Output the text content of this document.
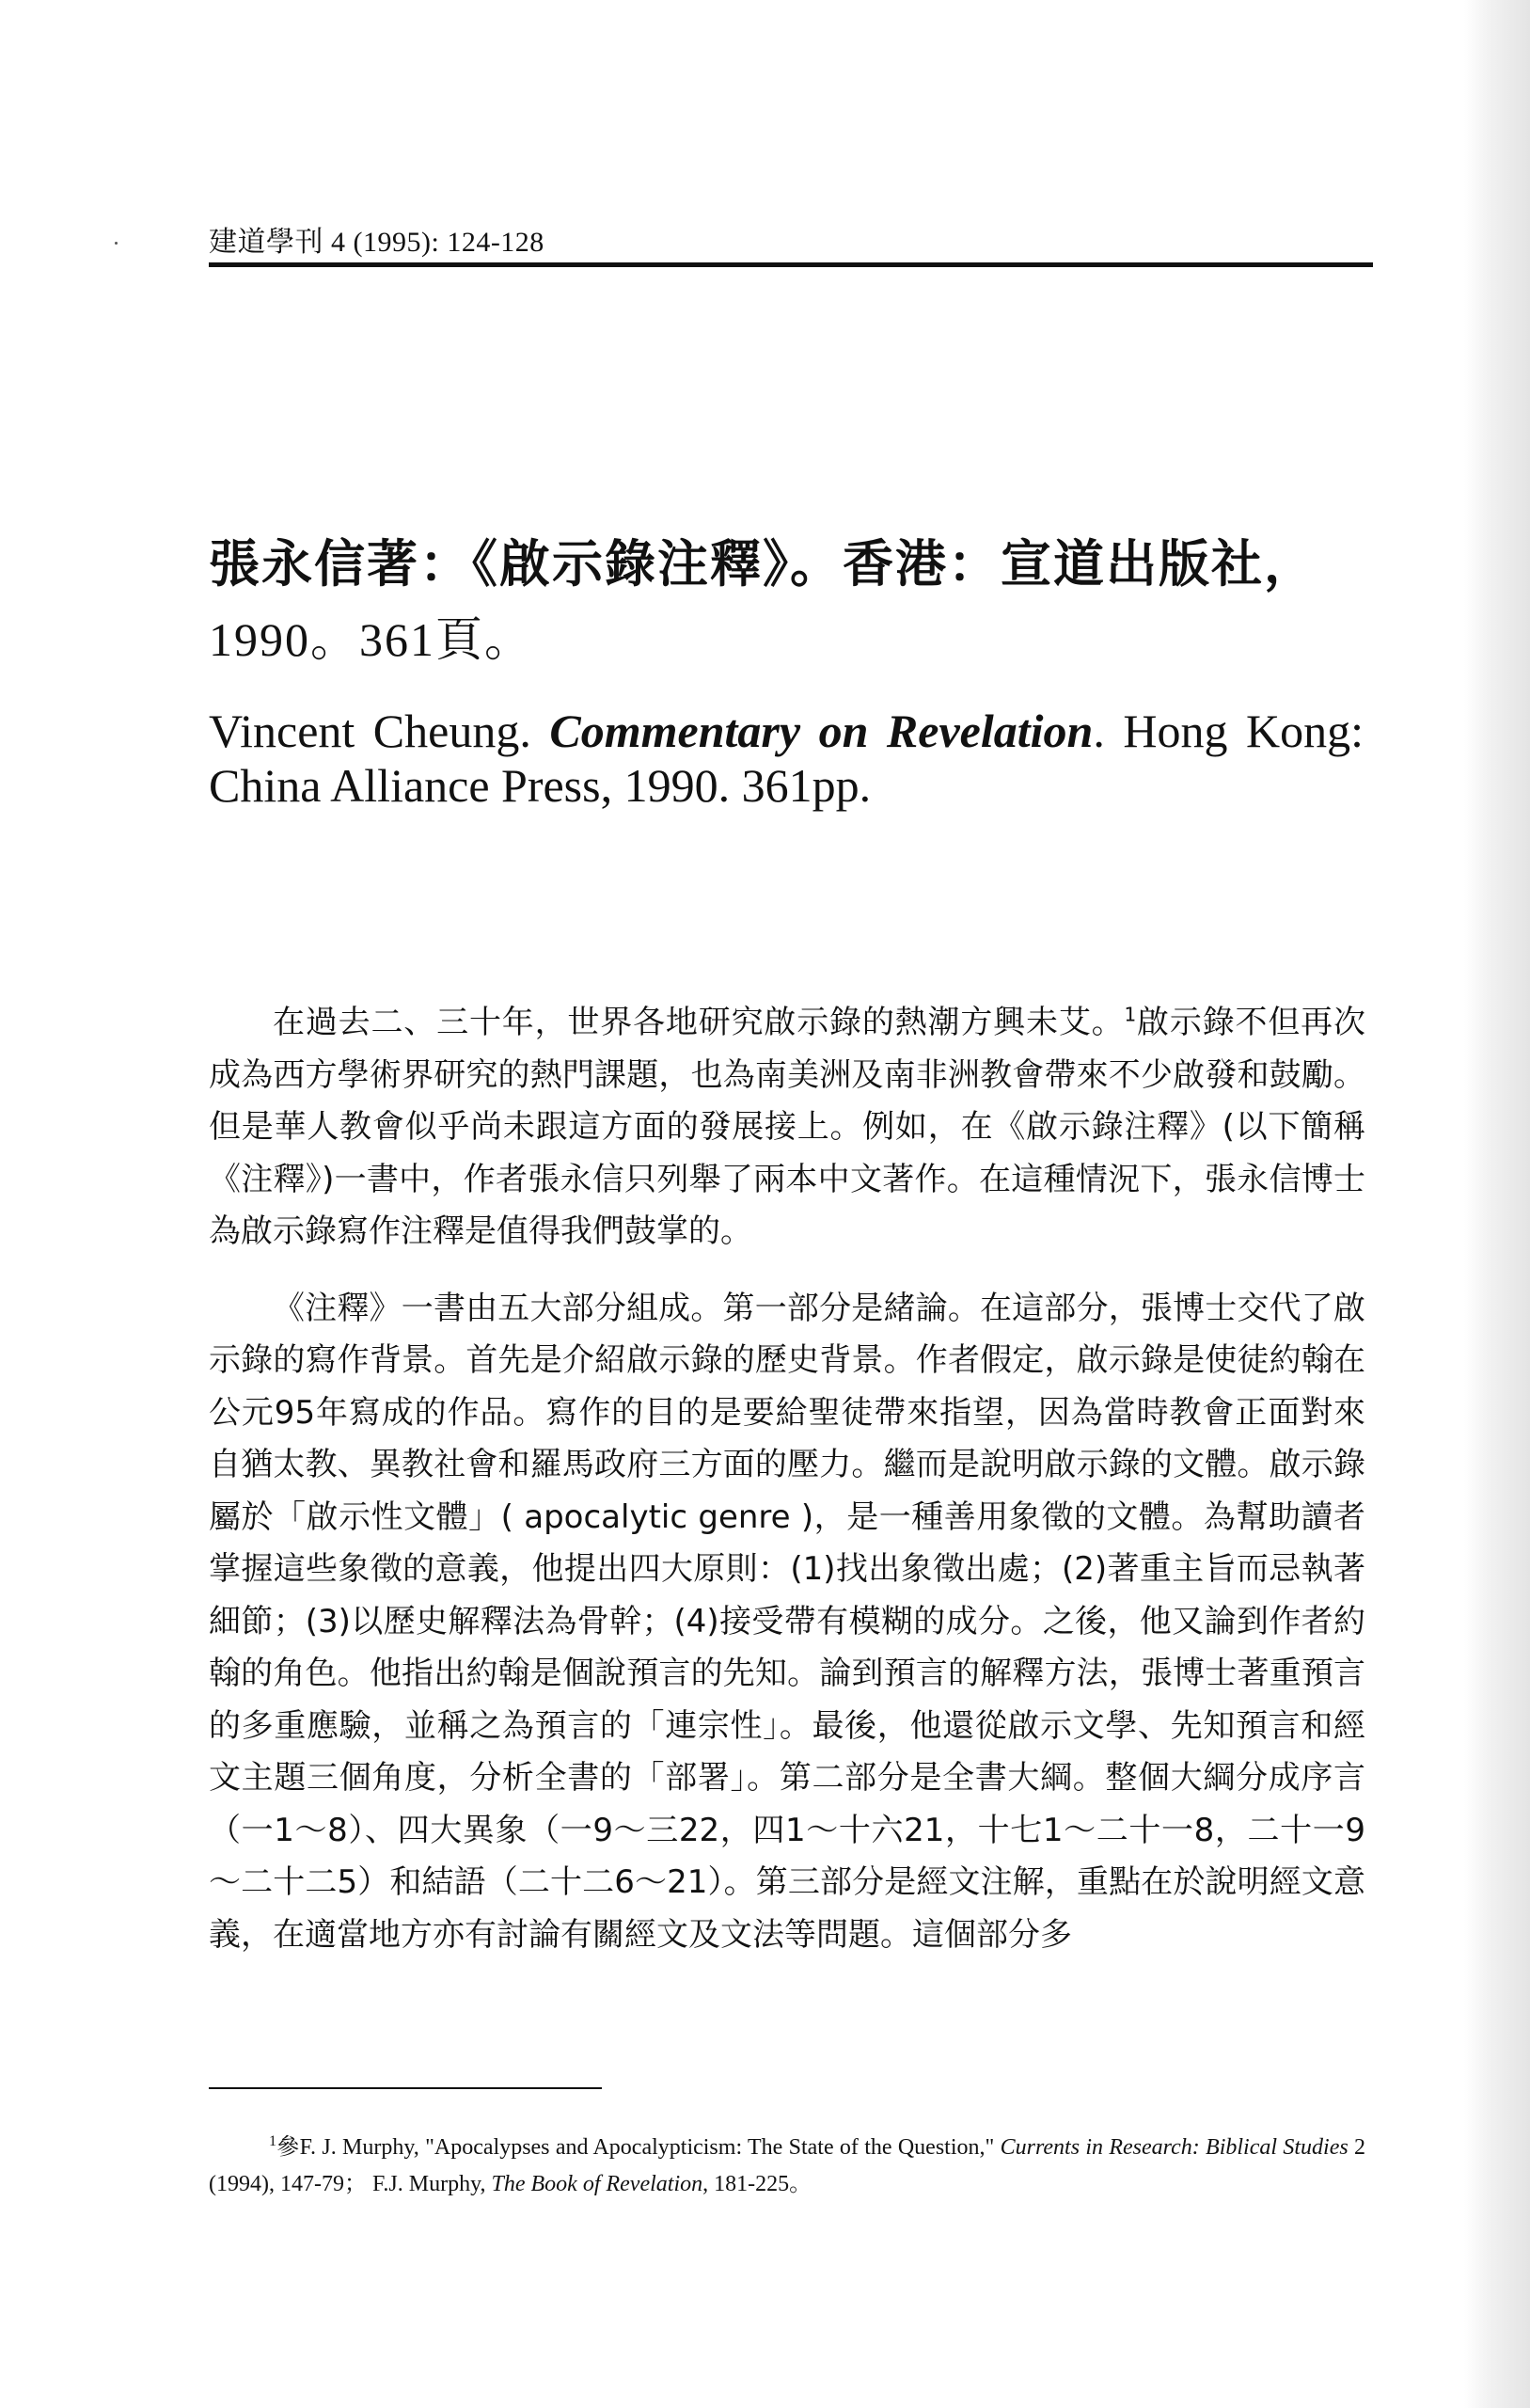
建道學刊 4 (1995): 124-128
張永信著：《啟示錄注釋》。香港：宣道出版社，
1990。361頁。
Vincent Cheung. Commentary on Revelation. Hong Kong: China Alliance Press, 1990. 361pp.

在過去二、三十年，世界各地研究啟示錄的熱潮方興未艾。$^1$啟示錄不但再次成為西方學術界研究的熱門課題，也為南美洲及南非洲教會帶來不少啟發和鼓勵。但是華人教會似乎尚未跟這方面的發展接上。例如，在《啟示錄注釋》(以下簡稱《注釋》)一書中，作者張永信只列舉了兩本中文著作。在這種情況下，張永信博士為啟示錄寫作注釋是值得我們鼓掌的。

《注釋》一書由五大部分組成。第一部分是緒論。在這部分，張博士交代了啟示錄的寫作背景。首先是介紹啟示錄的歷史背景。作者假定，啟示錄是使徒約翰在公元95年寫成的作品。寫作的目的是要給聖徒帶來指望，因為當時教會正面對來自猶太教、異教社會和羅馬政府三方面的壓力。繼而是說明啟示錄的文體。啟示錄屬於「啟示性文體」( apocalytic genre )，是一種善用象徵的文體。為幫助讀者掌握這些象徵的意義，他提出四大原則：(1)找出象徵出處；(2)著重主旨而忌執著細節；(3)以歷史解釋法為骨幹；(4)接受帶有模糊的成分。之後，他又論到作者約翰的角色。他指出約翰是個說預言的先知。論到預言的解釋方法，張博士著重預言的多重應驗，並稱之為預言的「連宗性」。最後，他還從啟示文學、先知預言和經文主題三個角度，分析全書的「部署」。第二部分是全書大綱。整個大綱分成序言（一1～8）、四大異象（一9～三22，四1～十六21，十七1～二十一8，二十一9～二十二5）和結語（二十二6～21）。第三部分是經文注解，重點在於說明經文意義，在適當地方亦有討論有關經文及文法等問題。這個部分多

$^1$參F. J. Murphy, "Apocalypses and Apocalypticism: The State of the Question," Currents in Research: Biblical Studies 2 (1994), 147-79； F.J. Murphy, The Book of Revelation, 181-225。
